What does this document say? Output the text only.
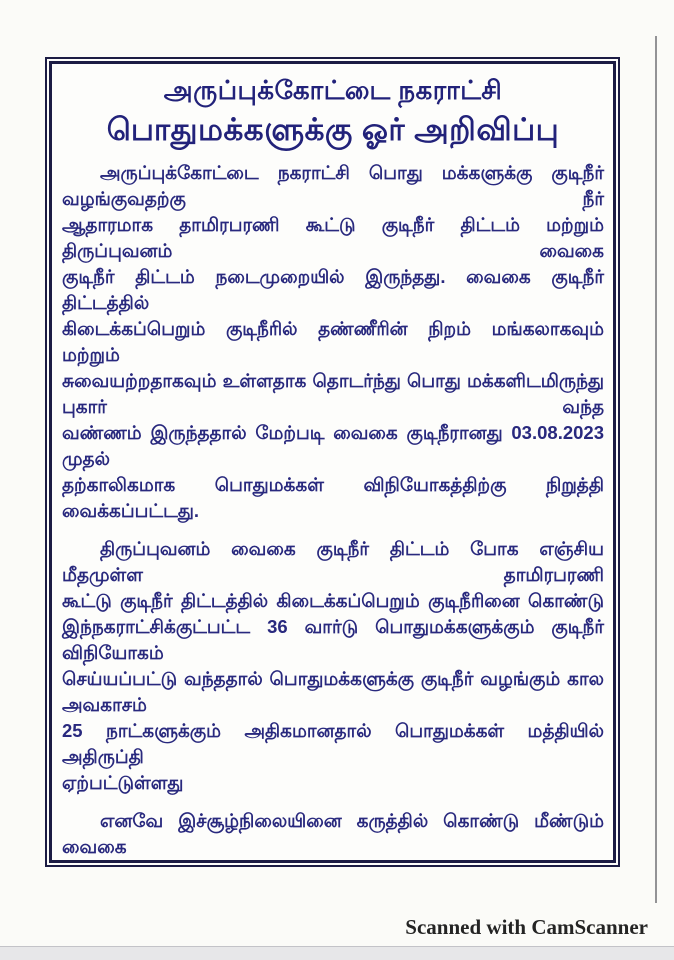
அருப்புக்கோட்டை நகராட்சி
பொதுமக்களுக்கு ஓர் அறிவிப்பு
அருப்புக்கோட்டை நகராட்சி பொது மக்களுக்கு குடிநீர் வழங்குவதற்கு நீர்
ஆதாரமாக தாமிரபரணி கூட்டு குடிநீர் திட்டம் மற்றும் திருப்புவனம் வைகை
குடிநீர் திட்டம் நடைமுறையில் இருந்தது. வைகை குடிநீர் திட்டத்தில்
கிடைக்கப்பெறும் குடிநீரில் தண்ணீரின் நிறம் மங்கலாகவும் மற்றும்
சுவையற்றதாகவும் உள்ளதாக தொடர்ந்து பொது மக்களிடமிருந்து புகார் வந்த
வண்ணம் இருந்ததால் மேற்படி வைகை குடிநீரானது 03.08.2023 முதல்
தற்காலிகமாக பொதுமக்கள் விநியோகத்திற்கு நிறுத்தி வைக்கப்பட்டது.
திருப்புவனம் வைகை குடிநீர் திட்டம் போக எஞ்சிய மீதமுள்ள தாமிரபரணி
கூட்டு குடிநீர் திட்டத்தில் கிடைக்கப்பெறும் குடிநீரினை கொண்டு
இந்நகராட்சிக்குட்பட்ட 36 வார்டு பொதுமக்களுக்கும் குடிநீர் விநியோகம்
செய்யப்பட்டு வந்ததால் பொதுமக்களுக்கு குடிநீர் வழங்கும் கால அவகாசம்
25 நாட்களுக்கும் அதிகமானதால் பொதுமக்கள் மத்தியில் அதிருப்தி
ஏற்பட்டுள்ளது
எனவே இச்சூழ்நிலையினை கருத்தில் கொண்டு மீண்டும் வைகை
Scanned with CamScanner
